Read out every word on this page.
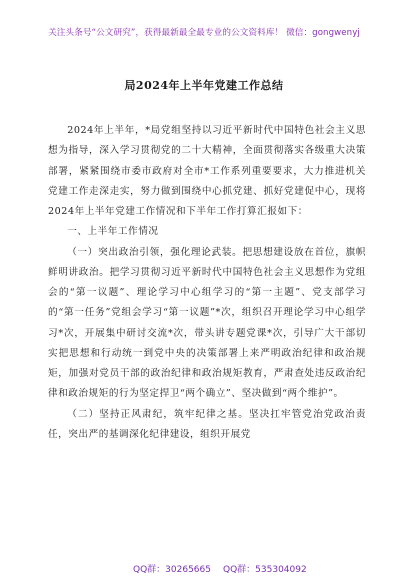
关注头条号“公文研究”，获得最新最全最专业的公文资料库！ 微信：gongwenyj
局2024年上半年党建工作总结

2024年上半年，*局党组坚持以习近平新时代中国特色社会主义思想为指导，深入学习贯彻党的二十大精神，全面贯彻落实各级重大决策部署，紧紧围绕市委市政府对全市*工作系列重要要求，大力推进机关党建工作走深走实，努力做到围绕中心抓党建、抓好党建促中心，现将2024年上半年党建工作情况和下半年工作打算汇报如下：

一、上半年工作情况

（一）突出政治引领，强化理论武装。把思想建设放在首位，旗帜鲜明讲政治。把学习贯彻习近平新时代中国特色社会主义思想作为党组会的“第一议题”、理论学习中心组学习的“第一主题”、党支部学习的“第一任务”党组会学习“第一议题”*次，组织召开理论学习中心组学习*次，开展集中研讨交流*次，带头讲专题党课*次，引导广大干部切实把思想和行动统一到党中央的决策部署上来严明政治纪律和政治规矩，加强对党员干部的政治纪律和政治规矩教育，严肃查处违反政治纪律和政治规矩的行为坚定捍卫“两个确立”、坚决做到“两个维护”。

（二）坚持正风肃纪，筑牢纪律之基。坚决扛牢管党治党政治责任，突出严的基调深化纪律建设，组织开展党

QQ群：30265665 QQ群：535304092
